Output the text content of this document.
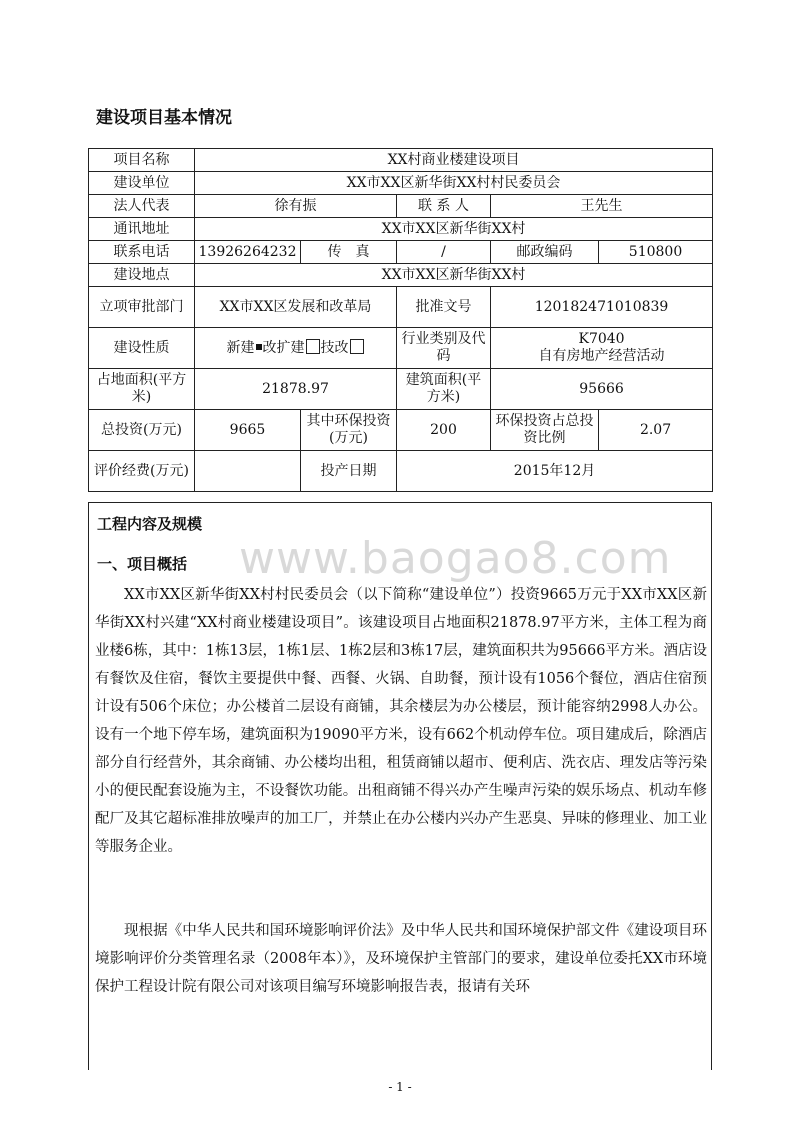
建设项目基本情况
项目名称	XX村商业楼建设项目				
建设单位	XX市XX区新华街XX村村民委员会				
法人代表	徐有振		联 系 人	王先生	
通讯地址	XX市XX区新华街XX村				
联系电话	13926264232	传　真	/	邮政编码	510800
建设地点	XX市XX区新华街XX村				
立项审批部门	XX市XX区发展和改革局		批准文号	120182471010839	
建设性质	新建 改扩建 技改		行业类别及代码	K7040
自有房地产经营活动	

占地面积(平方米)	21878.97		建筑面积(平方米)	95666	
总投资(万元)	9665	其中环保投资(万元)	200	环保投资占总投资比例	2.07
评价经费(万元)		投产日期	2015年12月		
www.baogao8.com
工程内容及规模
一、项目概括

XX市XX区新华街XX村村民委员会（以下简称“建设单位”）投资9665万元于XX市XX区新华街XX村兴建“XX村商业楼建设项目”。该建设项目占地面积21878.97平方米，主体工程为商业楼6栋，其中：1栋13层，1栋1层、1栋2层和3栋17层，建筑面积共为95666平方米。酒店设有餐饮及住宿，餐饮主要提供中餐、西餐、火锅、自助餐，预计设有1056个餐位，酒店住宿预计设有506个床位；办公楼首二层设有商铺，其余楼层为办公楼层，预计能容纳2998人办公。设有一个地下停车场，建筑面积为19090平方米，设有662个机动停车位。项目建成后，除酒店部分自行经营外，其余商铺、办公楼均出租，租赁商铺以超市、便利店、洗衣店、理发店等污染小的便民配套设施为主，不设餐饮功能。出租商铺不得兴办产生噪声污染的娱乐场点、机动车修配厂及其它超标准排放噪声的加工厂，并禁止在办公楼内兴办产生恶臭、异味的修理业、加工业等服务企业。

现根据《中华人民共和国环境影响评价法》及中华人民共和国环境保护部文件《建设项目环境影响评价分类管理名录（2008年本）》，及环境保护主管部门的要求，建设单位委托XX市环境保护工程设计院有限公司对该项目编写环境影响报告表，报请有关环

- 1 -
